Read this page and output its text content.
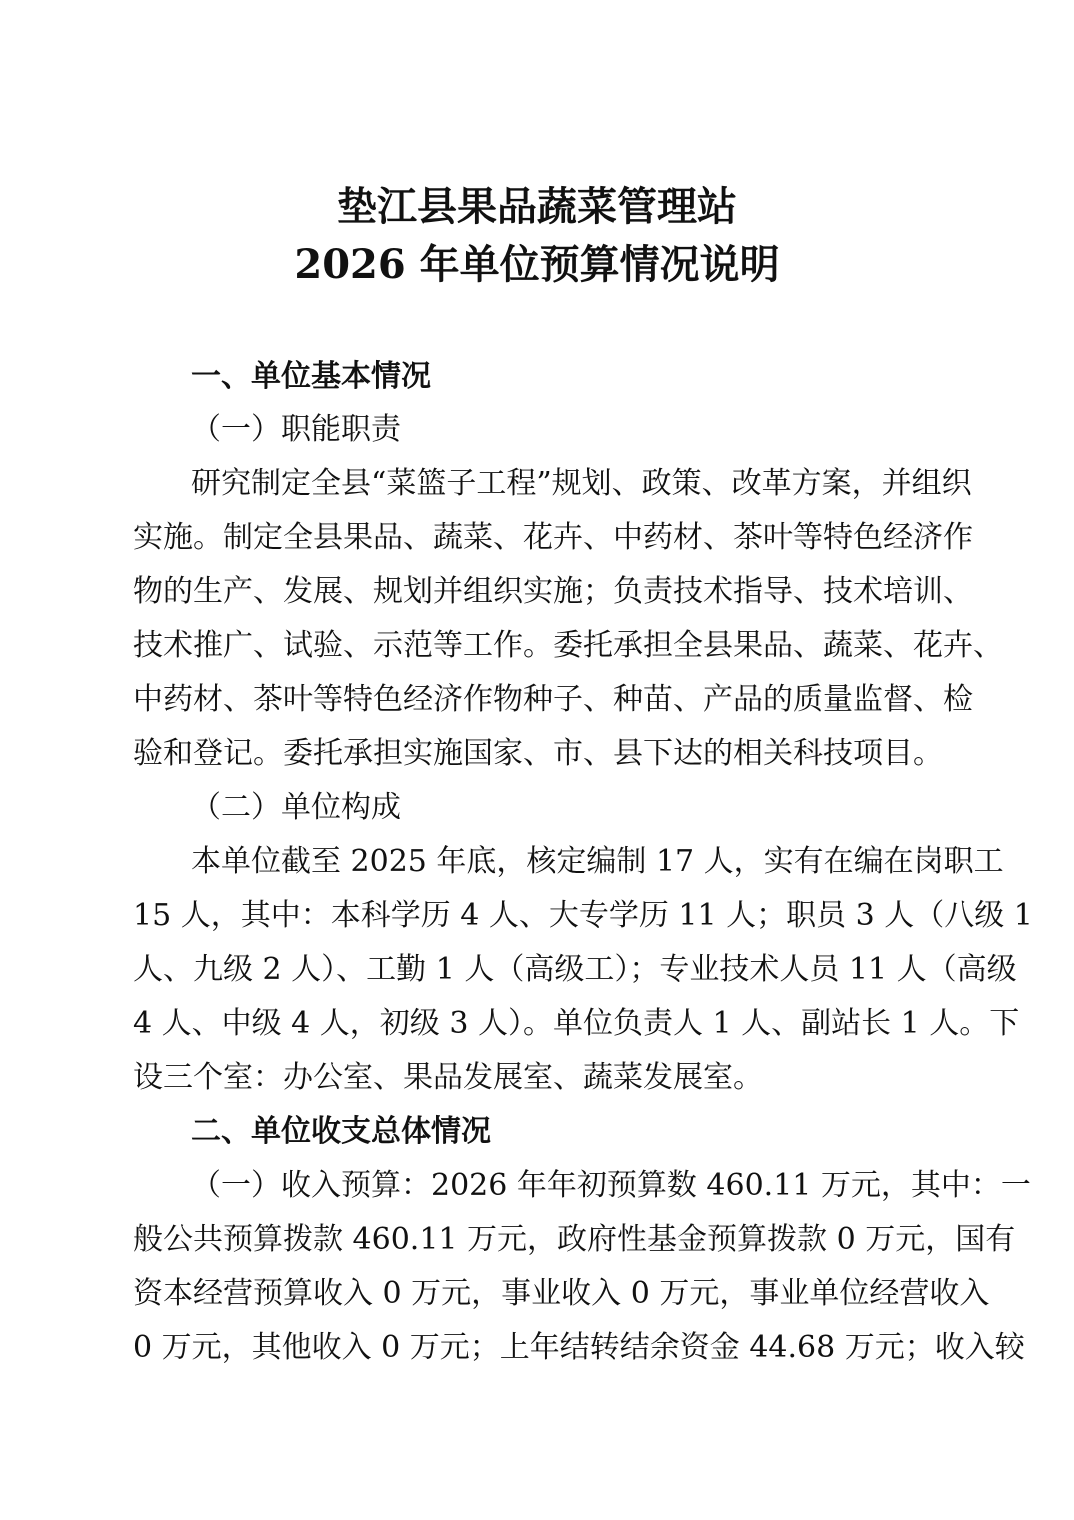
垫江县果品蔬菜管理站
2026 年单位预算情况说明
一、单位基本情况
（一）职能职责
研究制定全县“菜篮子工程”规划、政策、改革方案，并组织
实施。制定全县果品、蔬菜、花卉、中药材、茶叶等特色经济作
物的生产、发展、规划并组织实施；负责技术指导、技术培训、
技术推广、试验、示范等工作。委托承担全县果品、蔬菜、花卉、
中药材、茶叶等特色经济作物种子、种苗、产品的质量监督、检
验和登记。委托承担实施国家、市、县下达的相关科技项目。
（二）单位构成
本单位截至 2025 年底，核定编制 17 人，实有在编在岗职工
15 人，其中：本科学历 4 人、大专学历 11 人；职员 3 人（八级 1
人、九级 2 人）、工勤 1 人（高级工）；专业技术人员 11 人（高级
4 人、中级 4 人，初级 3 人）。单位负责人 1 人、副站长 1 人。下
设三个室：办公室、果品发展室、蔬菜发展室。
二、单位收支总体情况
（一）收入预算：2026 年年初预算数 460.11 万元，其中：一
般公共预算拨款 460.11 万元，政府性基金预算拨款 0 万元，国有
资本经营预算收入 0 万元，事业收入 0 万元，事业单位经营收入
0 万元，其他收入 0 万元；上年结转结余资金 44.68 万元；收入较
